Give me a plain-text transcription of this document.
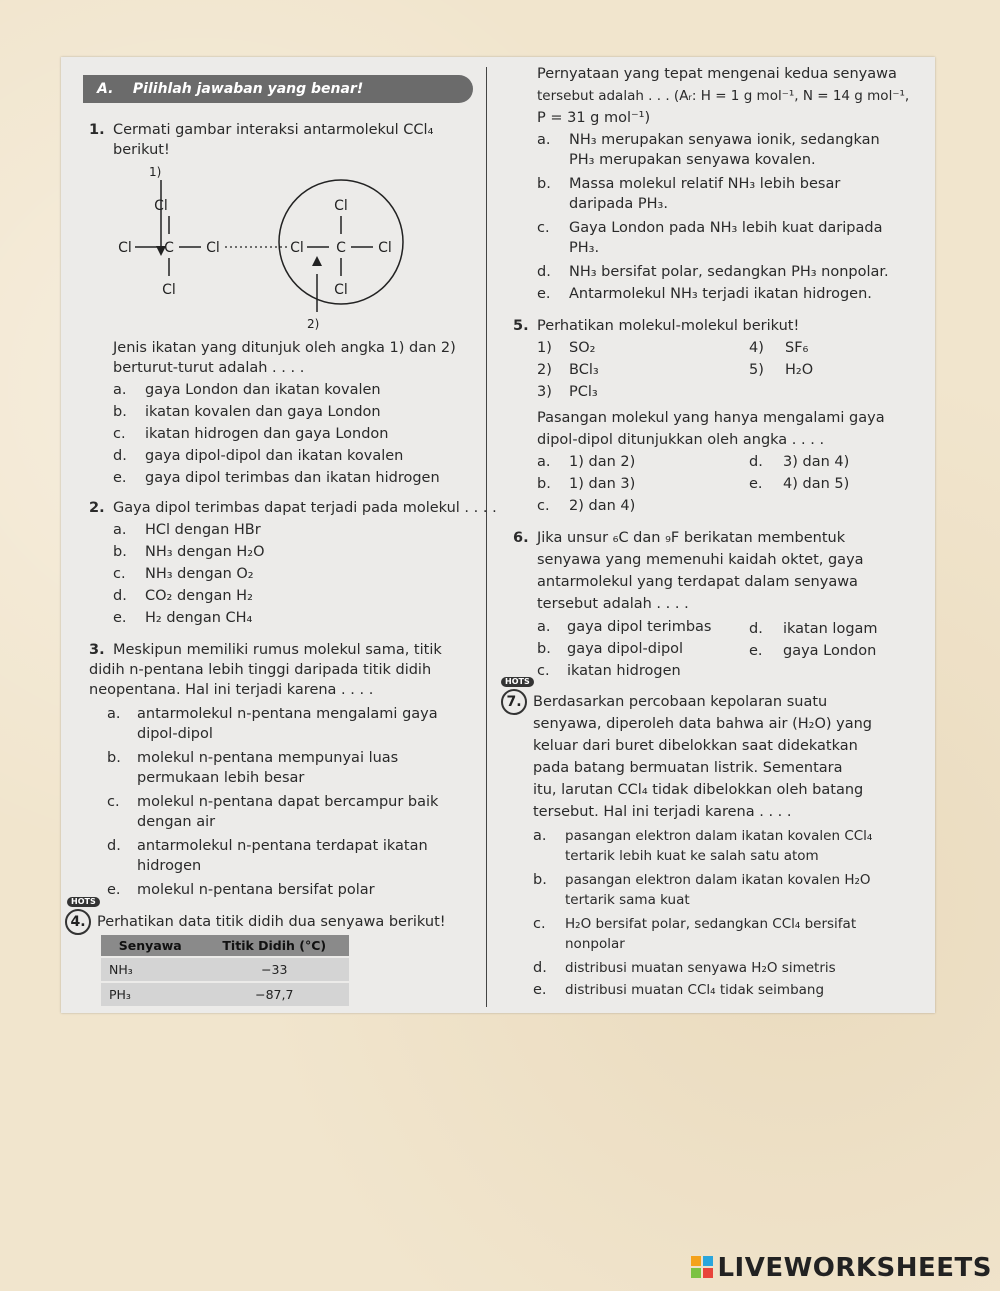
A. Pilihlah jawaban yang benar!
1. Cermati gambar interaksi antarmolekul CCl₄
berikut!
1)
Cl
Cl C Cl
Cl
2)
Cl
Cl C Cl
Cl
Jenis ikatan yang ditunjuk oleh angka 1) dan 2)
berturut-turut adalah . . . .
a. gaya London dan ikatan kovalen
b. ikatan kovalen dan gaya London
c. ikatan hidrogen dan gaya London
d. gaya dipol-dipol dan ikatan kovalen
e. gaya dipol terimbas dan ikatan hidrogen
2. Gaya dipol terimbas dapat terjadi pada molekul . . . .
a. HCl dengan HBr
b. NH₃ dengan H₂O
c. NH₃ dengan O₂
d. CO₂ dengan H₂
e. H₂ dengan CH₄
3. Meskipun memiliki rumus molekul sama, titik
didih n-pentana lebih tinggi daripada titik didih
neopentana. Hal ini terjadi karena . . . .
a. antarmolekul n-pentana mengalami gaya
dipol-dipol
b. molekul n-pentana mempunyai luas
permukaan lebih besar
c. molekul n-pentana dapat bercampur baik
dengan air
d. antarmolekul n-pentana terdapat ikatan
hidrogen
e. molekul n-pentana bersifat polar
HOTS
4. Perhatikan data titik didih dua senyawa berikut!
Senyawa	Titik Didih (°C)
NH₃	−33
PH₃	−87,7
Pernyataan yang tepat mengenai kedua senyawa
tersebut adalah . . . (Aᵣ: H = 1 g mol⁻¹, N = 14 g mol⁻¹,
P = 31 g mol⁻¹)
a. NH₃ merupakan senyawa ionik, sedangkan
PH₃ merupakan senyawa kovalen.
b. Massa molekul relatif NH₃ lebih besar
daripada PH₃.
c. Gaya London pada NH₃ lebih kuat daripada
PH₃.
d. NH₃ bersifat polar, sedangkan PH₃ nonpolar.
e. Antarmolekul NH₃ terjadi ikatan hidrogen.
5. Perhatikan molekul-molekul berikut!
1) SO₂
2) BCl₃
3) PCl₃
4) SF₆
5) H₂O
Pasangan molekul yang hanya mengalami gaya
dipol-dipol ditunjukkan oleh angka . . . .
a. 1) dan 2)
b. 1) dan 3)
c. 2) dan 4)
d. 3) dan 4)
e. 4) dan 5)
6. Jika unsur ₆C dan ₉F berikatan membentuk
senyawa yang memenuhi kaidah oktet, gaya
antarmolekul yang terdapat dalam senyawa
tersebut adalah . . . .
a. gaya dipol terimbas
b. gaya dipol-dipol
c. ikatan hidrogen
d. ikatan logam
e. gaya London
HOTS
7. Berdasarkan percobaan kepolaran suatu
senyawa, diperoleh data bahwa air (H₂O) yang
keluar dari buret dibelokkan saat didekatkan
pada batang bermuatan listrik. Sementara
itu, larutan CCl₄ tidak dibelokkan oleh batang
tersebut. Hal ini terjadi karena . . . .
a. pasangan elektron dalam ikatan kovalen CCl₄
tertarik lebih kuat ke salah satu atom
b. pasangan elektron dalam ikatan kovalen H₂O
tertarik sama kuat
c. H₂O bersifat polar, sedangkan CCl₄ bersifat
nonpolar
d. distribusi muatan senyawa H₂O simetris
e. distribusi muatan CCl₄ tidak seimbang
LIVEWORKSHEETS
